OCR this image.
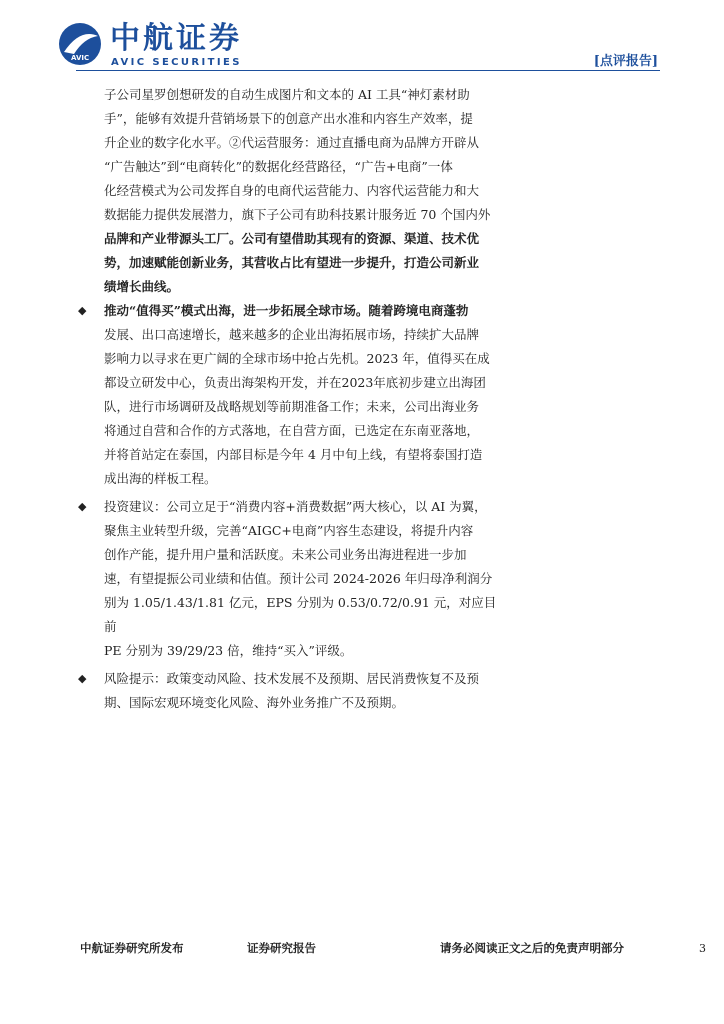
AVIC
中航证券
AVIC SECURITIES	[点评报告]

子公司星罗创想研发的自动生成图片和文本的 AI 工具“神灯素材助
手”，能够有效提升营销场景下的创意产出水准和内容生产效率，提
升企业的数字化水平。②代运营服务：通过直播电商为品牌方开辟从
“广告触达”到“电商转化”的数据化经营路径，“广告+电商”一体
化经营模式为公司发挥自身的电商代运营能力、内容代运营能力和大
数据能力提供发展潜力，旗下子公司有助科技累计服务近 70 个国内外
品牌和产业带源头工厂。公司有望借助其现有的资源、渠道、技术优
势，加速赋能创新业务，其营收占比有望进一步提升，打造公司新业
绩增长曲线。

◆ 推动“值得买”模式出海，进一步拓展全球市场。随着跨境电商蓬勃
发展、出口高速增长，越来越多的企业出海拓展市场，持续扩大品牌
影响力以寻求在更广阔的全球市场中抢占先机。2023 年，值得买在成
都设立研发中心，负责出海架构开发，并在2023年底初步建立出海团
队，进行市场调研及战略规划等前期准备工作；未来，公司出海业务
将通过自营和合作的方式落地，在自营方面，已选定在东南亚落地，
并将首站定在泰国，内部目标是今年 4 月中旬上线，有望将泰国打造
成出海的样板工程。
◆ 投资建议：公司立足于“消费内容+消费数据”两大核心，以 AI 为翼，
聚焦主业转型升级，完善“AIGC+电商”内容生态建设，将提升内容
创作产能，提升用户量和活跃度。未来公司业务出海进程进一步加
速，有望提振公司业绩和估值。预计公司 2024-2026 年归母净利润分
别为 1.05/1.43/1.81 亿元，EPS 分别为 0.53/0.72/0.91 元，对应目前
PE 分别为 39/29/23 倍，维持“买入”评级。
◆ 风险提示：政策变动风险、技术发展不及预期、居民消费恢复不及预
期、国际宏观环境变化风险、海外业务推广不及预期。
中航证券研究所发布	证券研究报告	请务必阅读正文之后的免责声明部分	3
